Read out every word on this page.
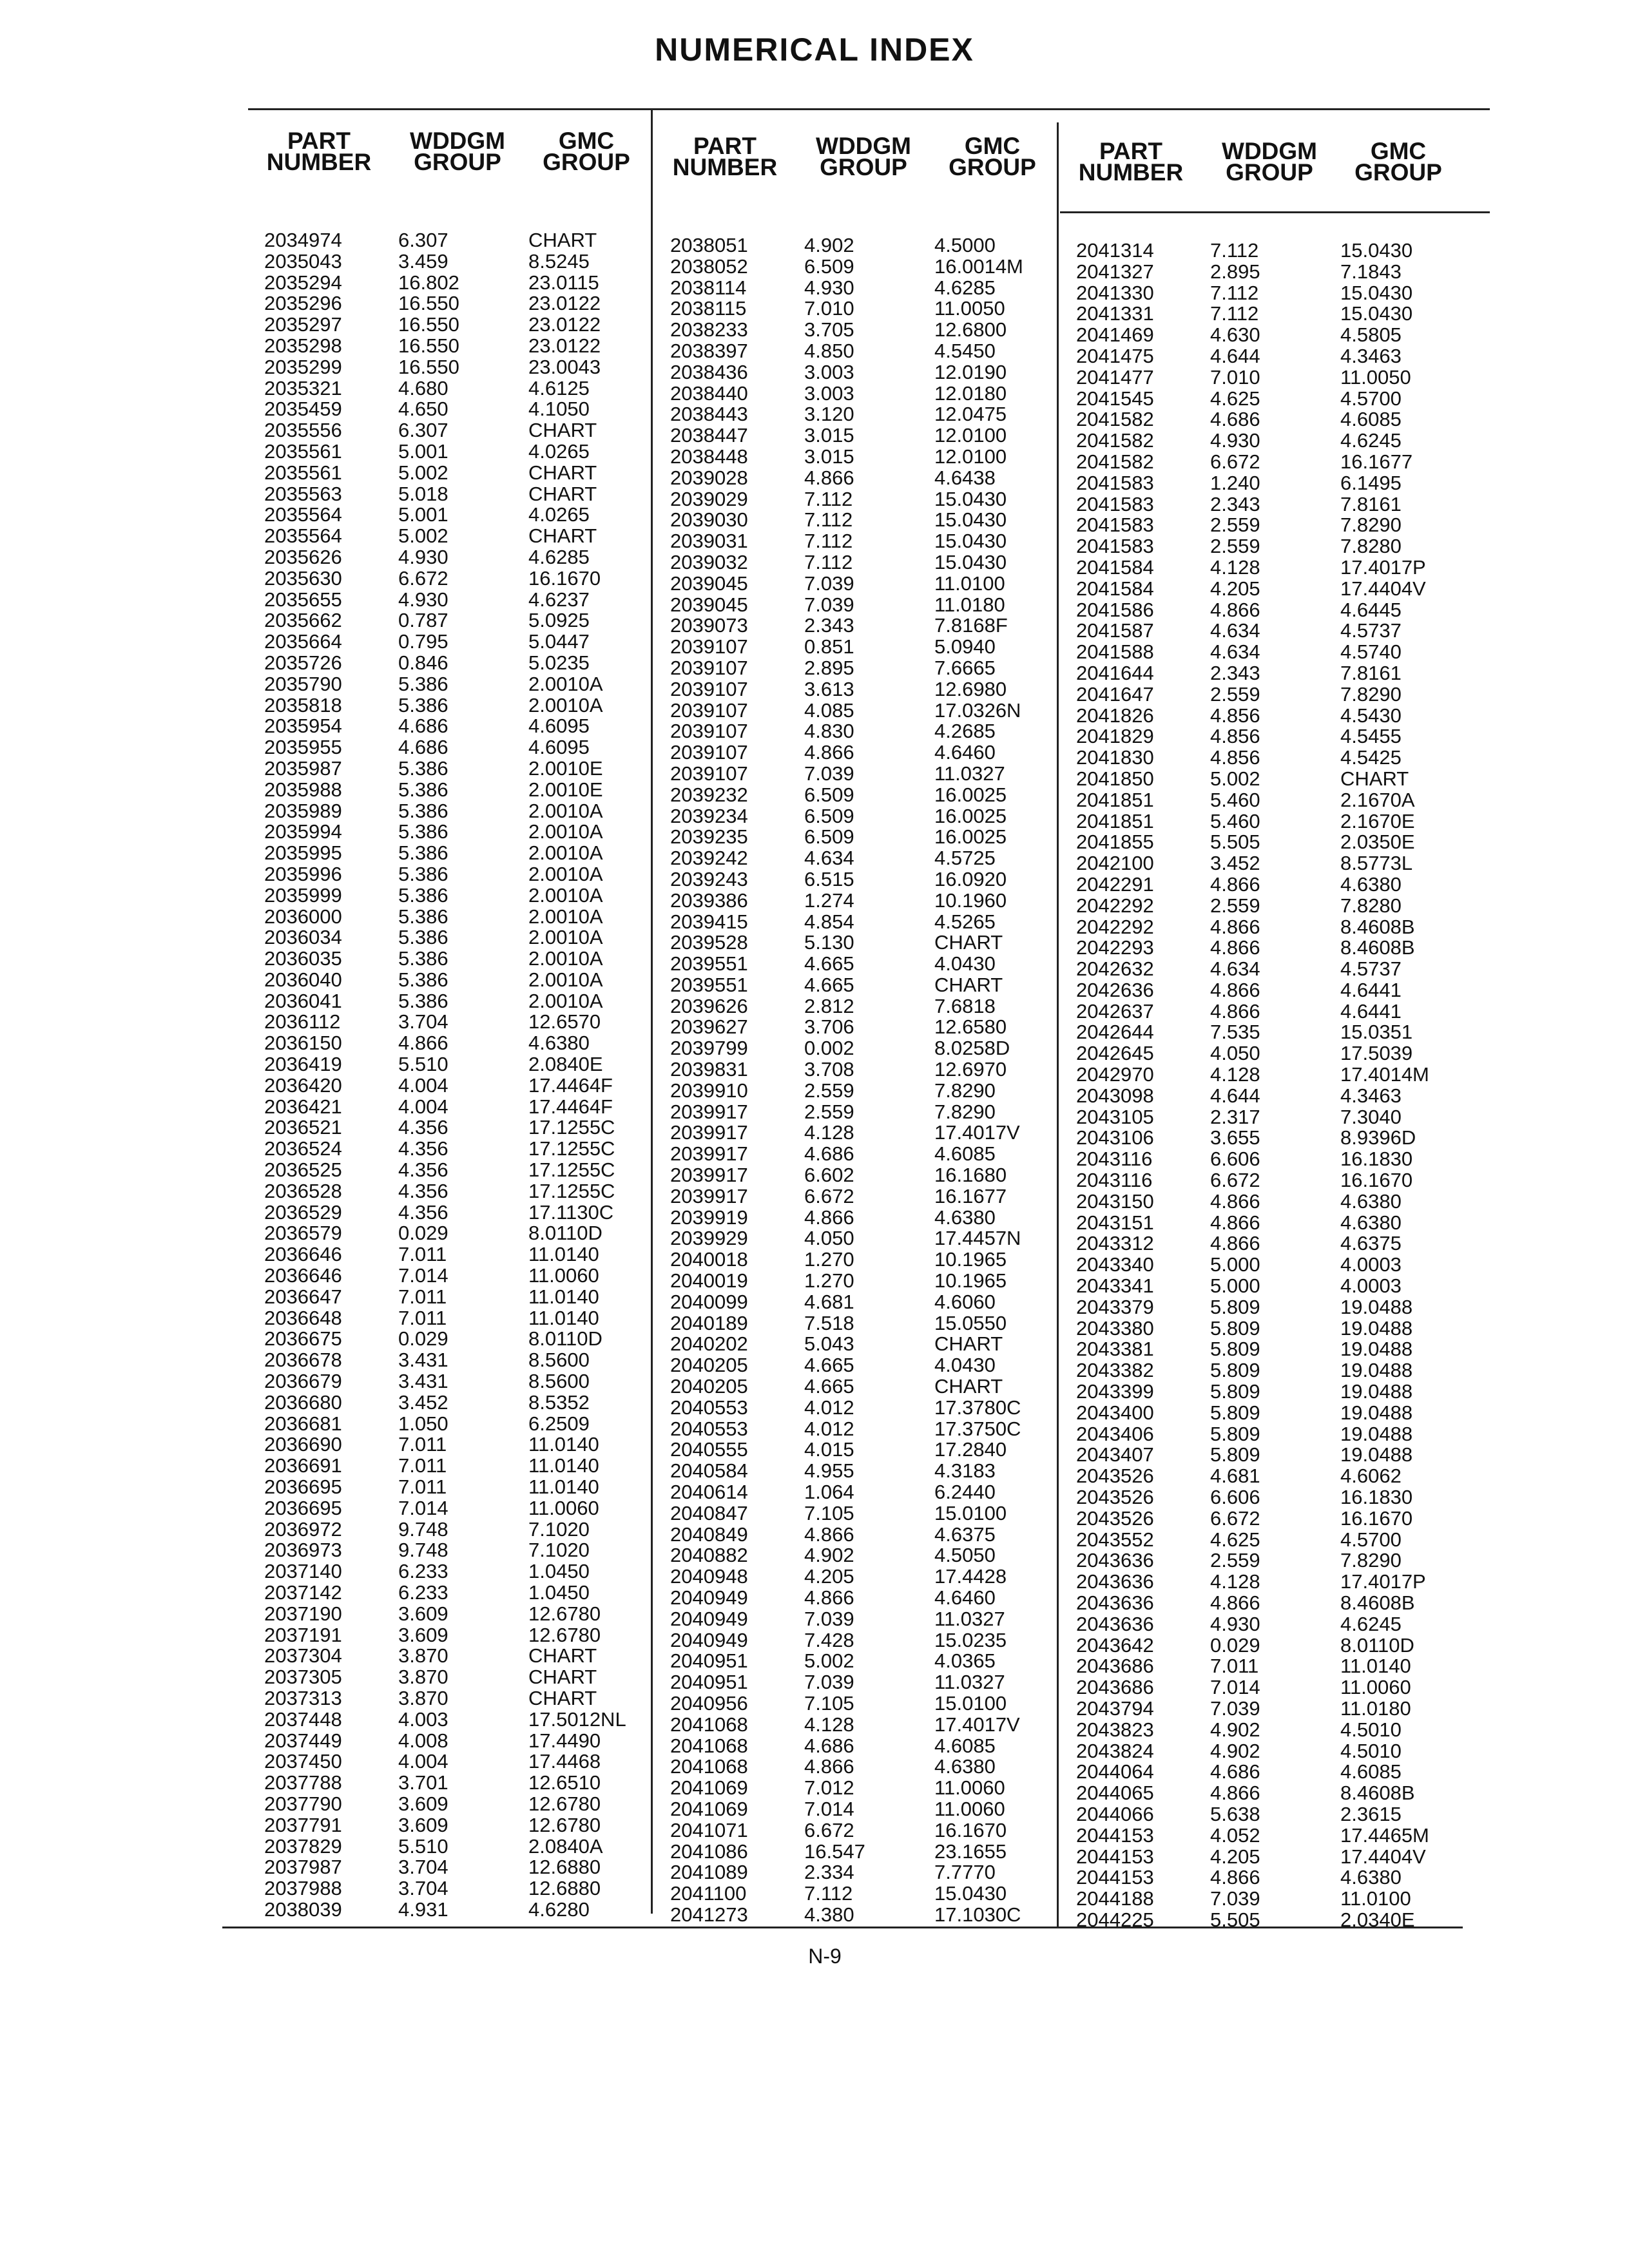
NUMERICAL INDEX
PART
NUMBER
WDDGM
GROUP
GMC
GROUP
2034974	6.307	CHART
2035043	3.459	8.5245
2035294	16.802	23.0115
2035296	16.550	23.0122
2035297	16.550	23.0122
2035298	16.550	23.0122
2035299	16.550	23.0043
2035321	4.680	4.6125
2035459	4.650	4.1050
2035556	6.307	CHART
2035561	5.001	4.0265
2035561	5.002	CHART
2035563	5.018	CHART
2035564	5.001	4.0265
2035564	5.002	CHART
2035626	4.930	4.6285
2035630	6.672	16.1670
2035655	4.930	4.6237
2035662	0.787	5.0925
2035664	0.795	5.0447
2035726	0.846	5.0235
2035790	5.386	2.0010A
2035818	5.386	2.0010A
2035954	4.686	4.6095
2035955	4.686	4.6095
2035987	5.386	2.0010E
2035988	5.386	2.0010E
2035989	5.386	2.0010A
2035994	5.386	2.0010A
2035995	5.386	2.0010A
2035996	5.386	2.0010A
2035999	5.386	2.0010A
2036000	5.386	2.0010A
2036034	5.386	2.0010A
2036035	5.386	2.0010A
2036040	5.386	2.0010A
2036041	5.386	2.0010A
2036112	3.704	12.6570
2036150	4.866	4.6380
2036419	5.510	2.0840E
2036420	4.004	17.4464F
2036421	4.004	17.4464F
2036521	4.356	17.1255C
2036524	4.356	17.1255C
2036525	4.356	17.1255C
2036528	4.356	17.1255C
2036529	4.356	17.1130C
2036579	0.029	8.0110D
2036646	7.011	11.0140
2036646	7.014	11.0060
2036647	7.011	11.0140
2036648	7.011	11.0140
2036675	0.029	8.0110D
2036678	3.431	8.5600
2036679	3.431	8.5600
2036680	3.452	8.5352
2036681	1.050	6.2509
2036690	7.011	11.0140
2036691	7.011	11.0140
2036695	7.011	11.0140
2036695	7.014	11.0060
2036972	9.748	7.1020
2036973	9.748	7.1020
2037140	6.233	1.0450
2037142	6.233	1.0450
2037190	3.609	12.6780
2037191	3.609	12.6780
2037304	3.870	CHART
2037305	3.870	CHART
2037313	3.870	CHART
2037448	4.003	17.5012NL
2037449	4.008	17.4490
2037450	4.004	17.4468
2037788	3.701	12.6510
2037790	3.609	12.6780
2037791	3.609	12.6780
2037829	5.510	2.0840A
2037987	3.704	12.6880
2037988	3.704	12.6880
2038039	4.931	4.6280
PART
NUMBER
WDDGM
GROUP
GMC
GROUP
2038051	4.902	4.5000
2038052	6.509	16.0014M
2038114	4.930	4.6285
2038115	7.010	11.0050
2038233	3.705	12.6800
2038397	4.850	4.5450
2038436	3.003	12.0190
2038440	3.003	12.0180
2038443	3.120	12.0475
2038447	3.015	12.0100
2038448	3.015	12.0100
2039028	4.866	4.6438
2039029	7.112	15.0430
2039030	7.112	15.0430
2039031	7.112	15.0430
2039032	7.112	15.0430
2039045	7.039	11.0100
2039045	7.039	11.0180
2039073	2.343	7.8168F
2039107	0.851	5.0940
2039107	2.895	7.6665
2039107	3.613	12.6980
2039107	4.085	17.0326N
2039107	4.830	4.2685
2039107	4.866	4.6460
2039107	7.039	11.0327
2039232	6.509	16.0025
2039234	6.509	16.0025
2039235	6.509	16.0025
2039242	4.634	4.5725
2039243	6.515	16.0920
2039386	1.274	10.1960
2039415	4.854	4.5265
2039528	5.130	CHART
2039551	4.665	4.0430
2039551	4.665	CHART
2039626	2.812	7.6818
2039627	3.706	12.6580
2039799	0.002	8.0258D
2039831	3.708	12.6970
2039910	2.559	7.8290
2039917	2.559	7.8290
2039917	4.128	17.4017V
2039917	4.686	4.6085
2039917	6.602	16.1680
2039917	6.672	16.1677
2039919	4.866	4.6380
2039929	4.050	17.4457N
2040018	1.270	10.1965
2040019	1.270	10.1965
2040099	4.681	4.6060
2040189	7.518	15.0550
2040202	5.043	CHART
2040205	4.665	4.0430
2040205	4.665	CHART
2040553	4.012	17.3780C
2040553	4.012	17.3750C
2040555	4.015	17.2840
2040584	4.955	4.3183
2040614	1.064	6.2440
2040847	7.105	15.0100
2040849	4.866	4.6375
2040882	4.902	4.5050
2040948	4.205	17.4428
2040949	4.866	4.6460
2040949	7.039	11.0327
2040949	7.428	15.0235
2040951	5.002	4.0365
2040951	7.039	11.0327
2040956	7.105	15.0100
2041068	4.128	17.4017V
2041068	4.686	4.6085
2041068	4.866	4.6380
2041069	7.012	11.0060
2041069	7.014	11.0060
2041071	6.672	16.1670
2041086	16.547	23.1655
2041089	2.334	7.7770
2041100	7.112	15.0430
2041273	4.380	17.1030C
PART
NUMBER
WDDGM
GROUP
GMC
GROUP
2041314	7.112	15.0430
2041327	2.895	7.1843
2041330	7.112	15.0430
2041331	7.112	15.0430
2041469	4.630	4.5805
2041475	4.644	4.3463
2041477	7.010	11.0050
2041545	4.625	4.5700
2041582	4.686	4.6085
2041582	4.930	4.6245
2041582	6.672	16.1677
2041583	1.240	6.1495
2041583	2.343	7.8161
2041583	2.559	7.8290
2041583	2.559	7.8280
2041584	4.128	17.4017P
2041584	4.205	17.4404V
2041586	4.866	4.6445
2041587	4.634	4.5737
2041588	4.634	4.5740
2041644	2.343	7.8161
2041647	2.559	7.8290
2041826	4.856	4.5430
2041829	4.856	4.5455
2041830	4.856	4.5425
2041850	5.002	CHART
2041851	5.460	2.1670A
2041851	5.460	2.1670E
2041855	5.505	2.0350E
2042100	3.452	8.5773L
2042291	4.866	4.6380
2042292	2.559	7.8280
2042292	4.866	8.4608B
2042293	4.866	8.4608B
2042632	4.634	4.5737
2042636	4.866	4.6441
2042637	4.866	4.6441
2042644	7.535	15.0351
2042645	4.050	17.5039
2042970	4.128	17.4014M
2043098	4.644	4.3463
2043105	2.317	7.3040
2043106	3.655	8.9396D
2043116	6.606	16.1830
2043116	6.672	16.1670
2043150	4.866	4.6380
2043151	4.866	4.6380
2043312	4.866	4.6375
2043340	5.000	4.0003
2043341	5.000	4.0003
2043379	5.809	19.0488
2043380	5.809	19.0488
2043381	5.809	19.0488
2043382	5.809	19.0488
2043399	5.809	19.0488
2043400	5.809	19.0488
2043406	5.809	19.0488
2043407	5.809	19.0488
2043526	4.681	4.6062
2043526	6.606	16.1830
2043526	6.672	16.1670
2043552	4.625	4.5700
2043636	2.559	7.8290
2043636	4.128	17.4017P
2043636	4.866	8.4608B
2043636	4.930	4.6245
2043642	0.029	8.0110D
2043686	7.011	11.0140
2043686	7.014	11.0060
2043794	7.039	11.0180
2043823	4.902	4.5010
2043824	4.902	4.5010
2044064	4.686	4.6085
2044065	4.866	8.4608B
2044066	5.638	2.3615
2044153	4.052	17.4465M
2044153	4.205	17.4404V
2044153	4.866	4.6380
2044188	7.039	11.0100
2044225	5.505	2.0340E
N-9
